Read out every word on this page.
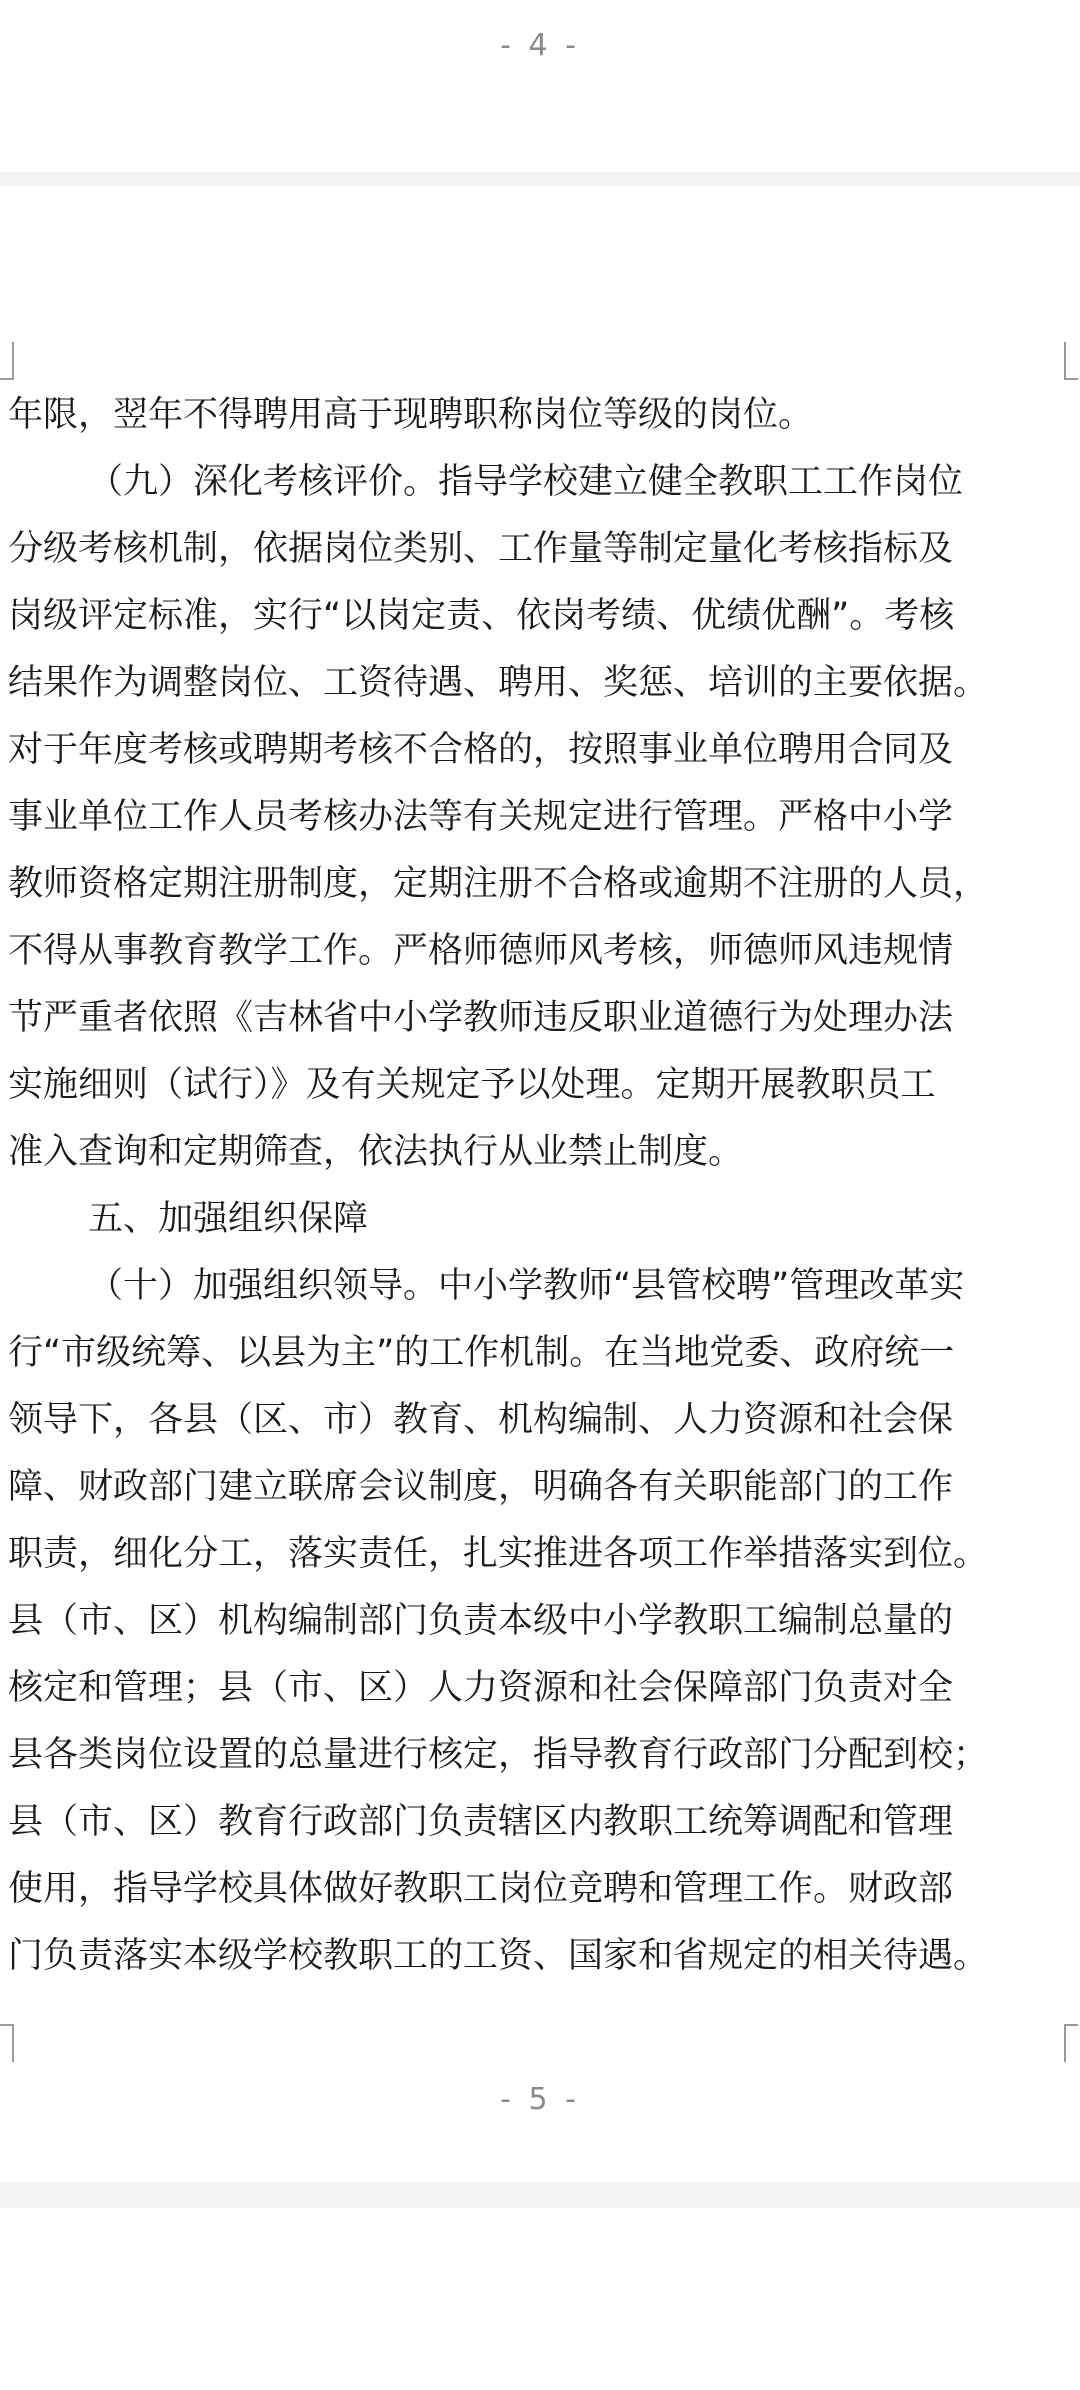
- 4 -
- 5 -
年限，翌年不得聘用高于现聘职称岗位等级的岗位。
（九）深化考核评价。指导学校建立健全教职工工作岗位
分级考核机制，依据岗位类别、工作量等制定量化考核指标及
岗级评定标准，实行“以岗定责、依岗考绩、优绩优酬”。考核
结果作为调整岗位、工资待遇、聘用、奖惩、培训的主要依据。
对于年度考核或聘期考核不合格的，按照事业单位聘用合同及
事业单位工作人员考核办法等有关规定进行管理。严格中小学
教师资格定期注册制度，定期注册不合格或逾期不注册的人员，
不得从事教育教学工作。严格师德师风考核，师德师风违规情
节严重者依照《吉林省中小学教师违反职业道德行为处理办法
实施细则（试行）》及有关规定予以处理。定期开展教职员工
准入查询和定期筛查，依法执行从业禁止制度。
五、加强组织保障
（十）加强组织领导。中小学教师“县管校聘”管理改革实
行“市级统筹、以县为主”的工作机制。在当地党委、政府统一
领导下，各县（区、市）教育、机构编制、人力资源和社会保
障、财政部门建立联席会议制度，明确各有关职能部门的工作
职责，细化分工，落实责任，扎实推进各项工作举措落实到位。
县（市、区）机构编制部门负责本级中小学教职工编制总量的
核定和管理；县（市、区）人力资源和社会保障部门负责对全
县各类岗位设置的总量进行核定，指导教育行政部门分配到校；
县（市、区）教育行政部门负责辖区内教职工统筹调配和管理
使用，指导学校具体做好教职工岗位竞聘和管理工作。财政部
门负责落实本级学校教职工的工资、国家和省规定的相关待遇。
